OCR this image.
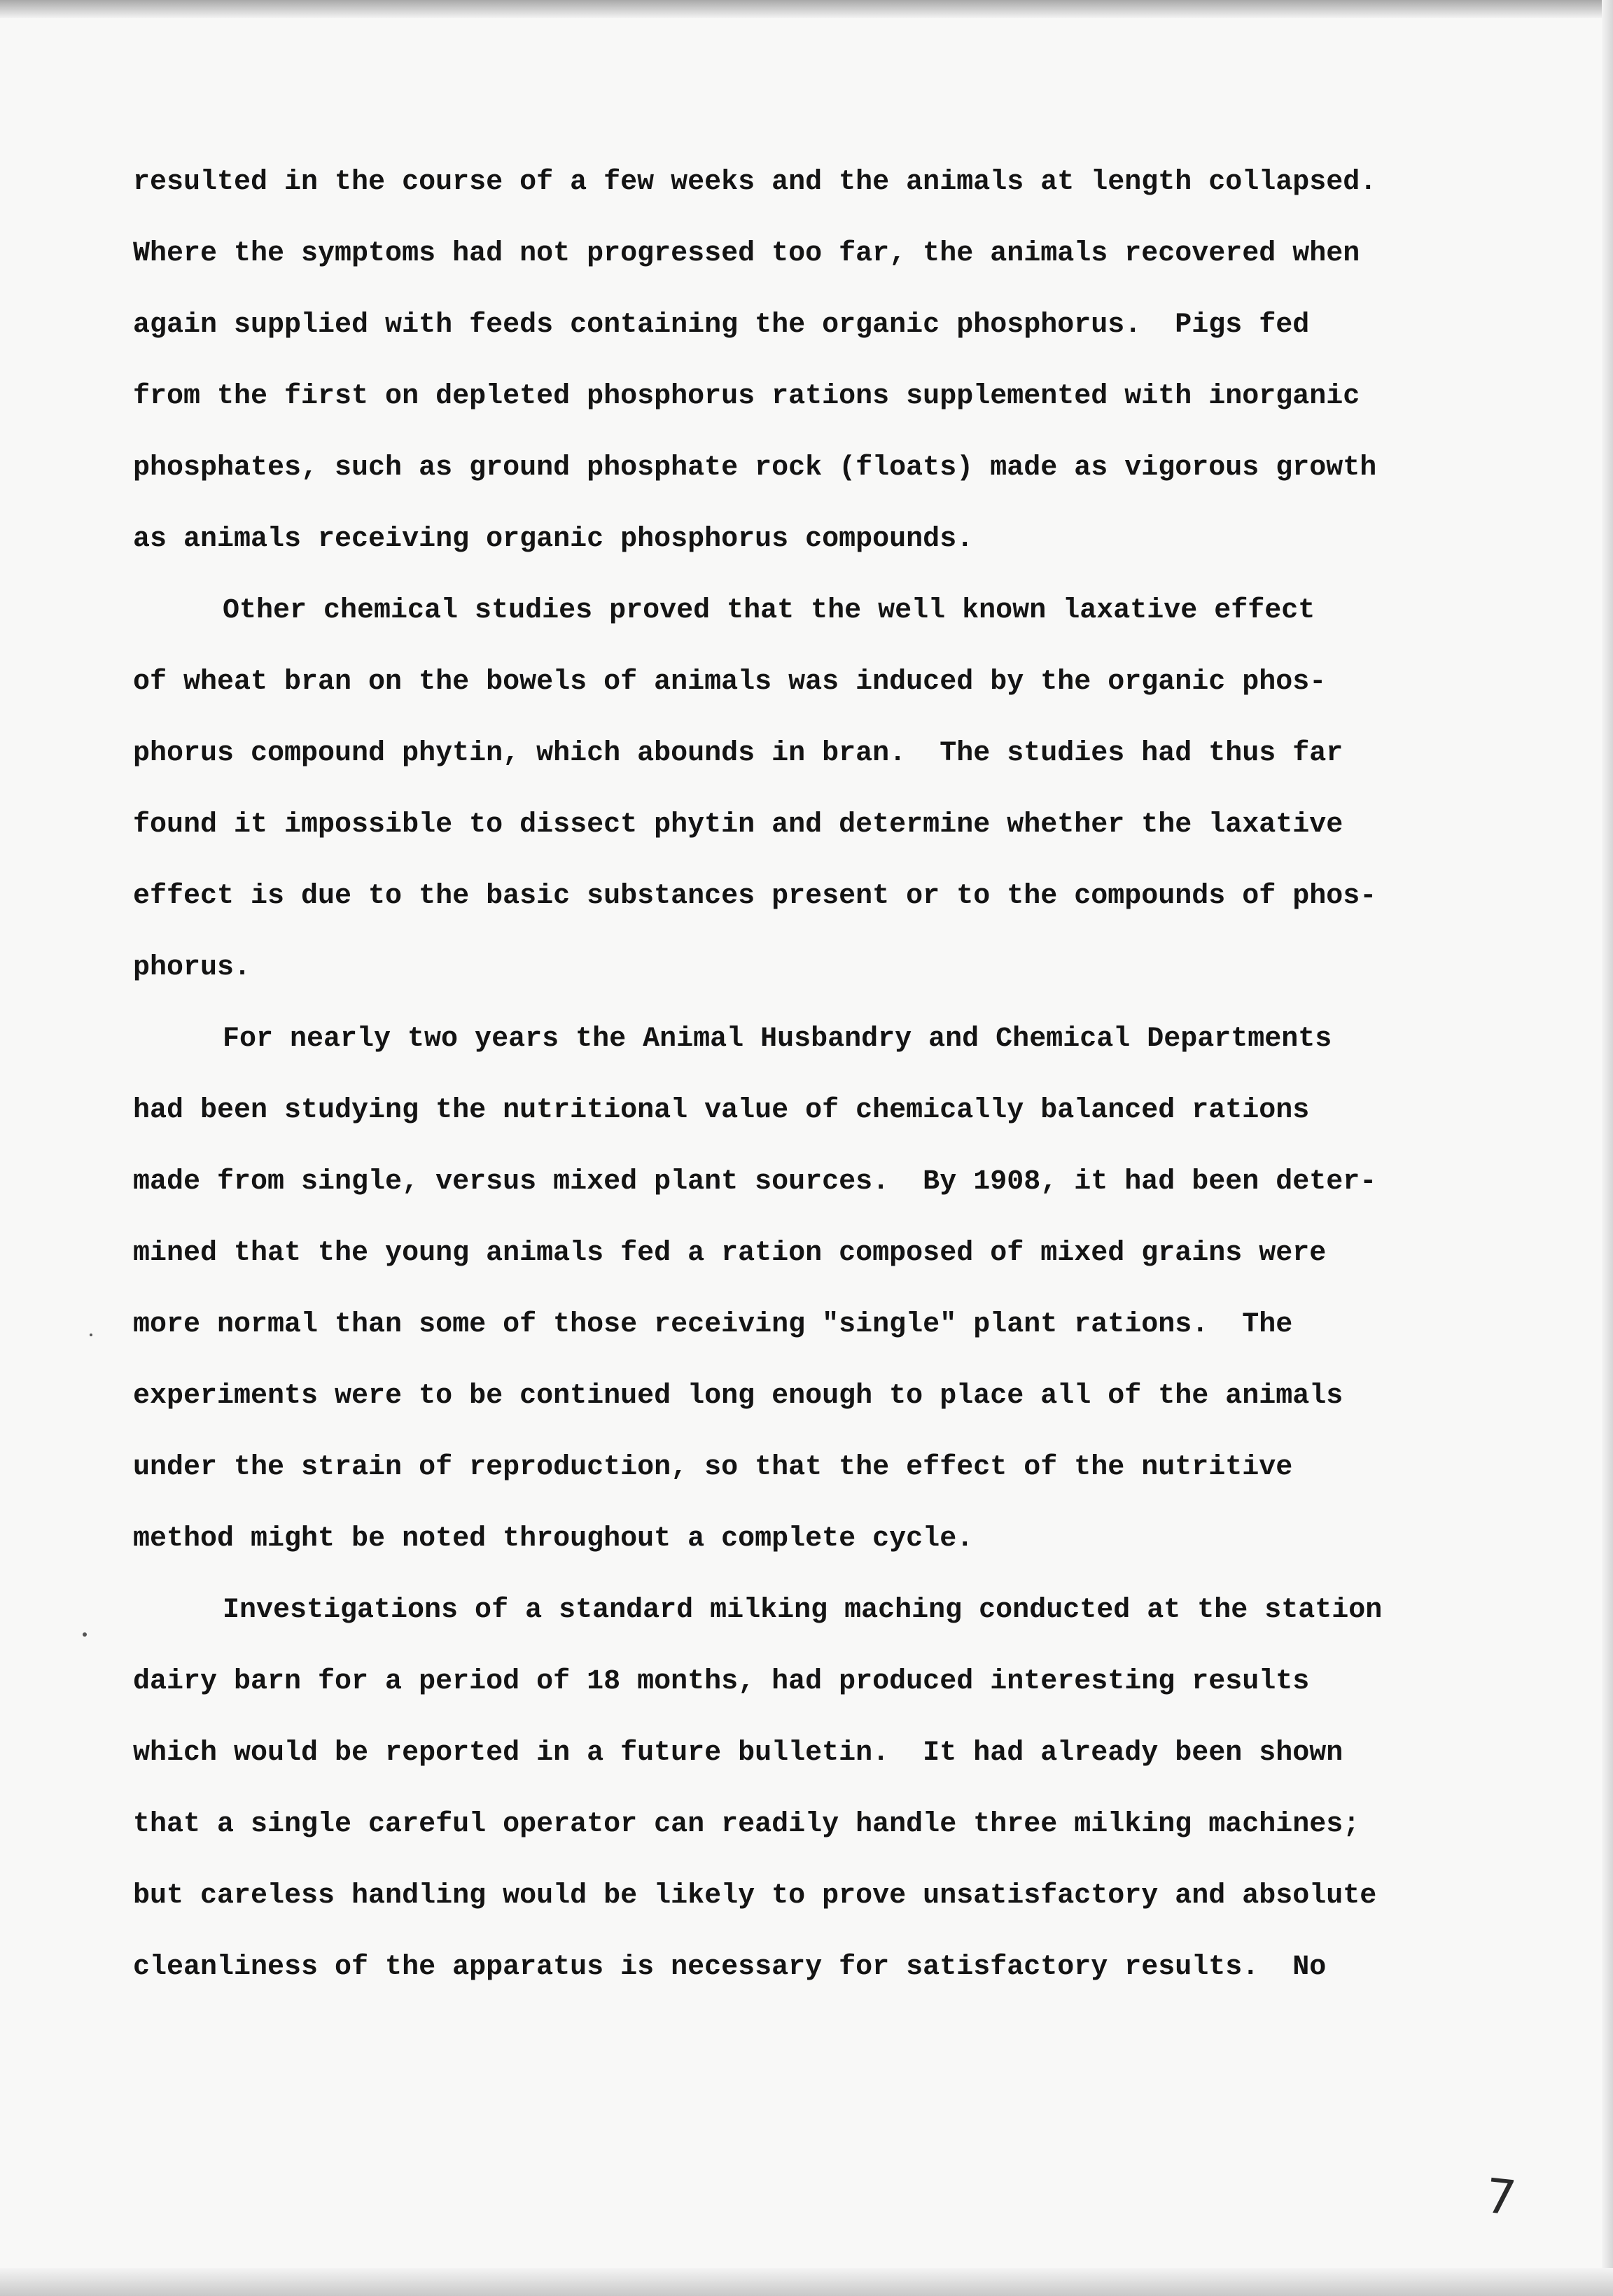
resulted in the course of a few weeks and the animals at length collapsed.
Where the symptoms had not progressed too far, the animals recovered when
again supplied with feeds containing the organic phosphorus.  Pigs fed
from the first on depleted phosphorus rations supplemented with inorganic
phosphates, such as ground phosphate rock (floats) made as vigorous growth
as animals receiving organic phosphorus compounds.
Other chemical studies proved that the well known laxative effect
of wheat bran on the bowels of animals was induced by the organic phos-
phorus compound phytin, which abounds in bran.  The studies had thus far
found it impossible to dissect phytin and determine whether the laxative
effect is due to the basic substances present or to the compounds of phos-
phorus.
For nearly two years the Animal Husbandry and Chemical Departments
had been studying the nutritional value of chemically balanced rations
made from single, versus mixed plant sources.  By 1908, it had been deter-
mined that the young animals fed a ration composed of mixed grains were
more normal than some of those receiving "single" plant rations.  The
experiments were to be continued long enough to place all of the animals
under the strain of reproduction, so that the effect of the nutritive
method might be noted throughout a complete cycle.
Investigations of a standard milking maching conducted at the station
dairy barn for a period of 18 months, had produced interesting results
which would be reported in a future bulletin.  It had already been shown
that a single careful operator can readily handle three milking machines;
but careless handling would be likely to prove unsatisfactory and absolute
cleanliness of the apparatus is necessary for satisfactory results.  No
7
